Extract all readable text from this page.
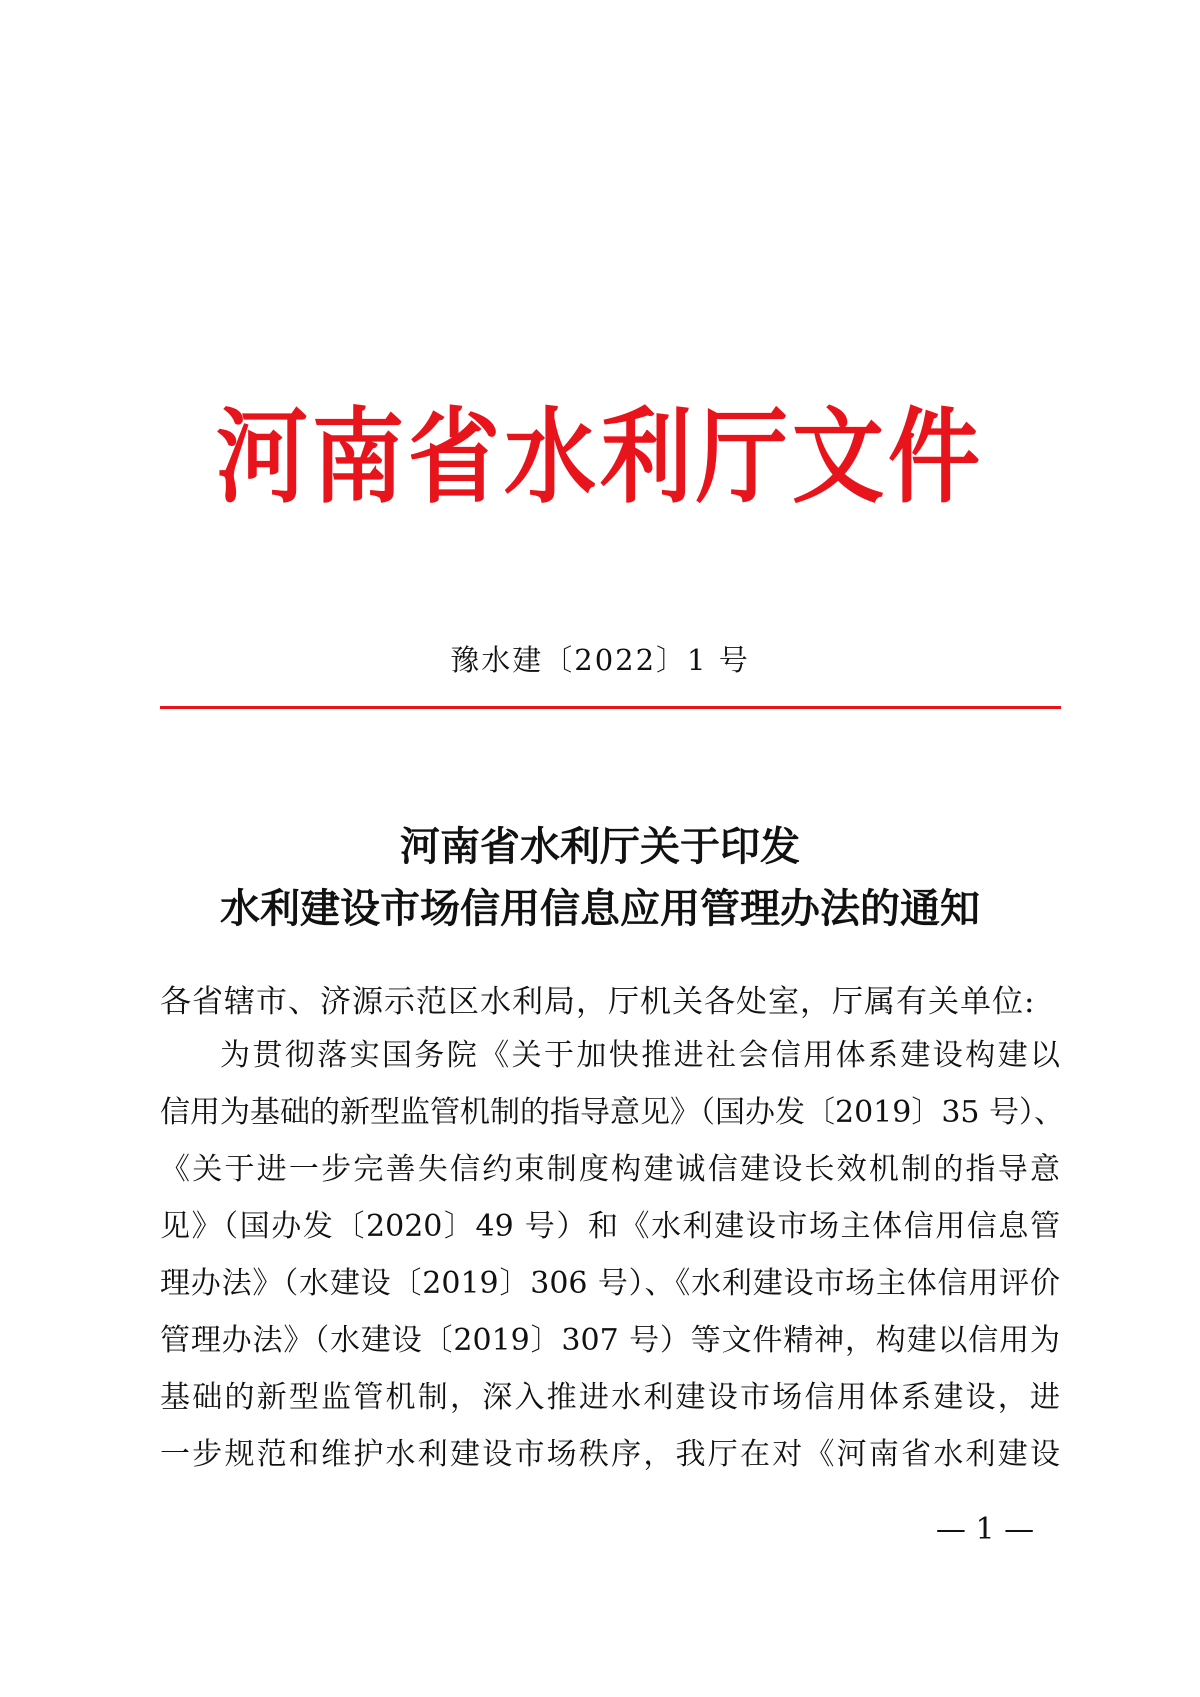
河南省水利厅文件
豫水建〔2022〕1 号
河南省水利厅关于印发
水利建设市场信用信息应用管理办法的通知
各省辖市、济源示范区水利局，厅机关各处室，厅属有关单位:
为贯彻落实国务院《关于加快推进社会信用体系建设构建以
信用为基础的新型监管机制的指导意见》（国办发〔2019〕35 号）、
《关于进一步完善失信约束制度构建诚信建设长效机制的指导意
见》（国办发〔2020〕49 号）和《水利建设市场主体信用信息管
理办法》（水建设〔2019〕306 号）、《水利建设市场主体信用评价
管理办法》（水建设〔2019〕307 号）等文件精神，构建以信用为
基础的新型监管机制，深入推进水利建设市场信用体系建设，进
一步规范和维护水利建设市场秩序，我厅在对《河南省水利建设
— 1 —
